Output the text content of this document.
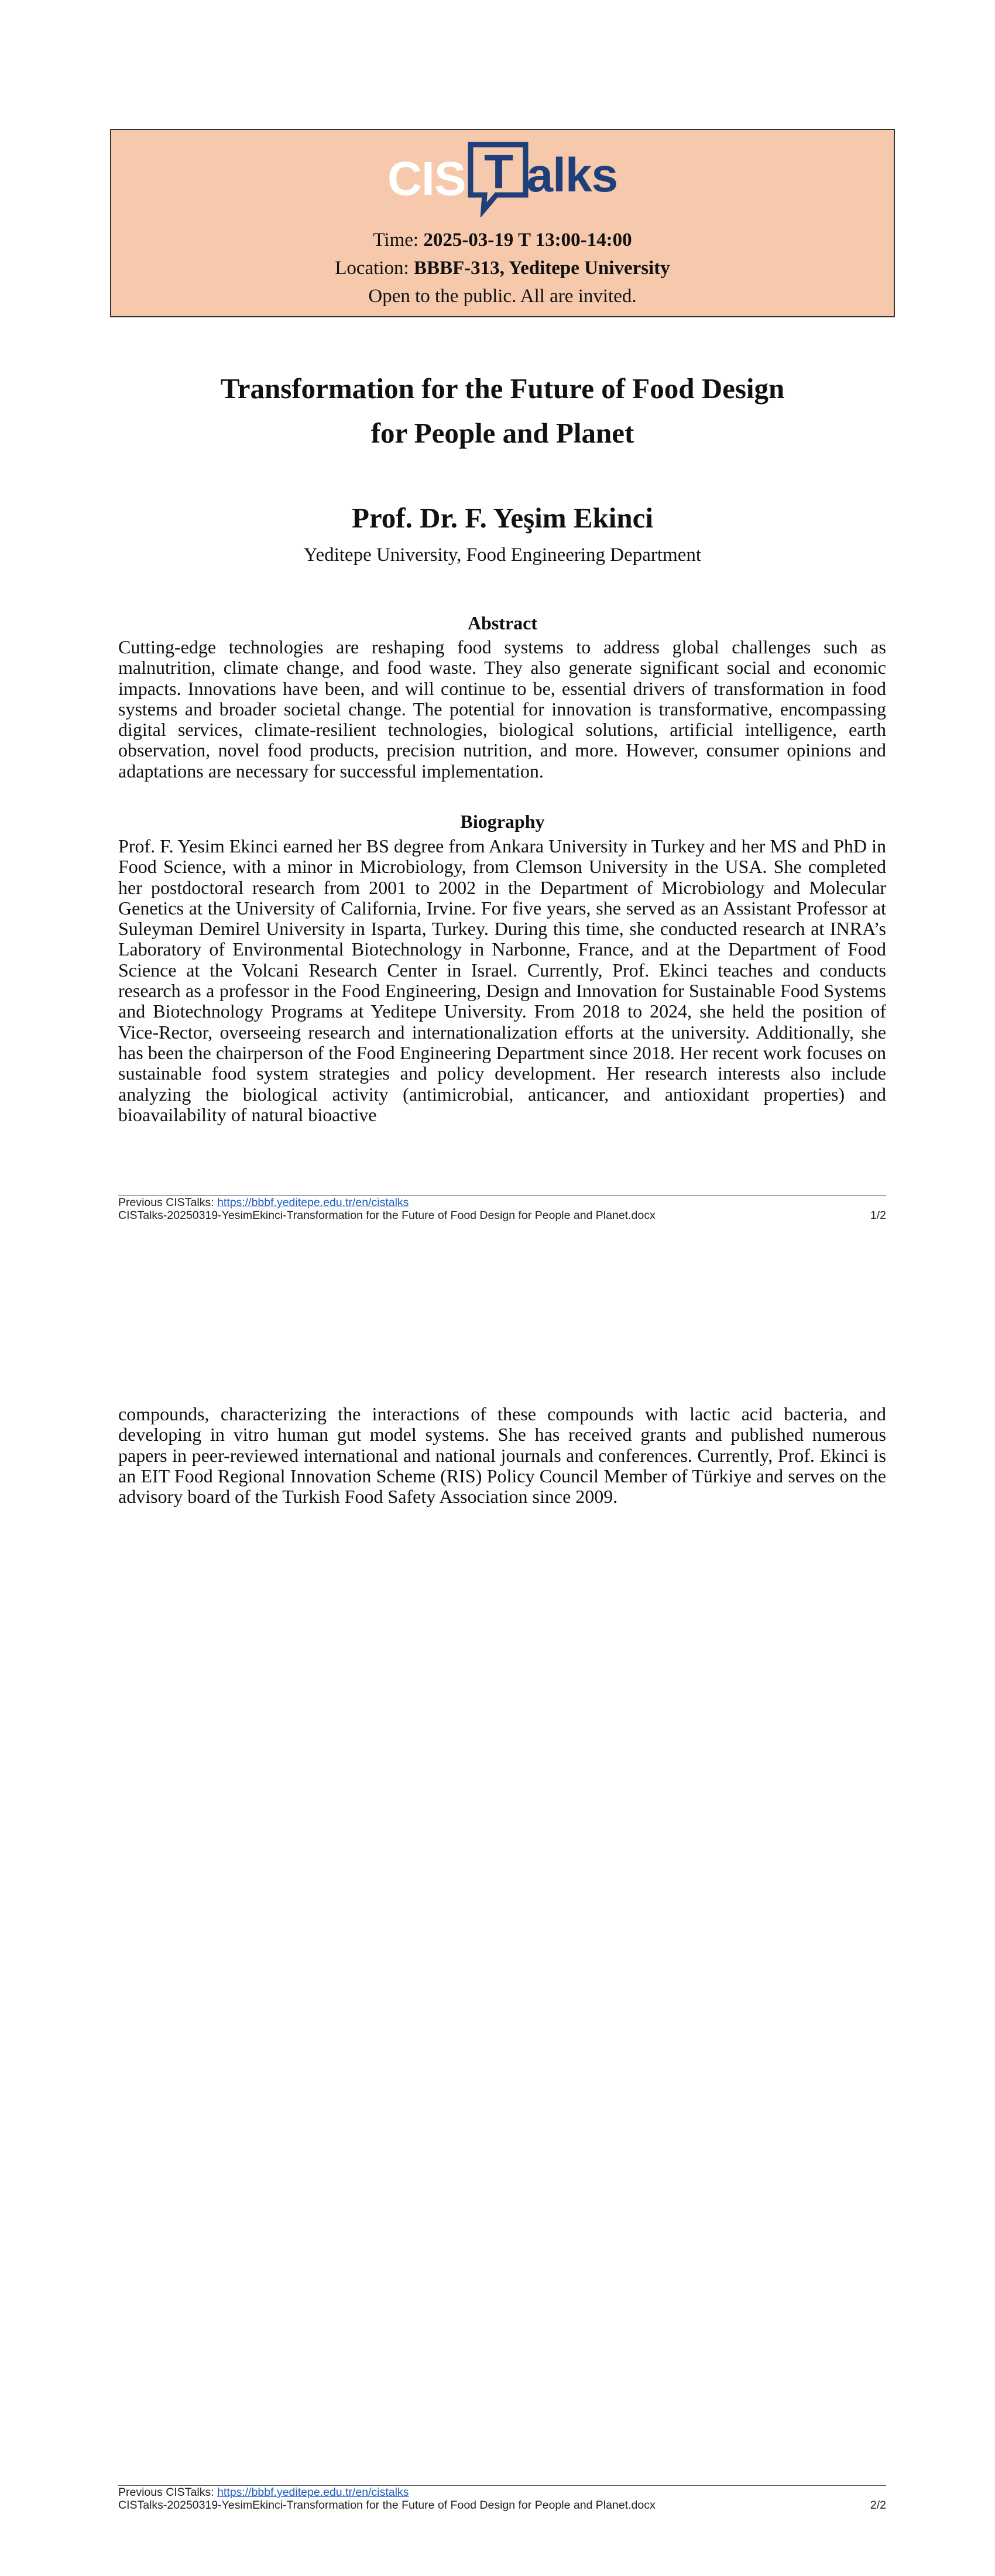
CIS T alks
Time: 2025-03-19 T 13:00-14:00
Location: BBBF-313, Yeditepe University
Open to the public. All are invited.
Transformation for the Future of Food Design
for People and Planet
Prof. Dr. F. Yeşim Ekinci
Yeditepe University, Food Engineering Department
Abstract

Cutting-edge technologies are reshaping food systems to address global challenges such as malnutrition, climate change, and food waste. They also generate significant social and economic impacts. Innovations have been, and will continue to be, essential drivers of transformation in food systems and broader societal change. The potential for innovation is transformative, encompassing digital services, climate-resilient technologies, biological solutions, artificial intelligence, earth observation, novel food products, precision nutrition, and more. However, consumer opinions and adaptations are necessary for successful implementation.

Biography

Prof. F. Yesim Ekinci earned her BS degree from Ankara University in Turkey and her MS and PhD in Food Science, with a minor in Microbiology, from Clemson University in the USA. She completed her postdoctoral research from 2001 to 2002 in the Department of Microbiology and Molecular Genetics at the University of California, Irvine. For five years, she served as an Assistant Professor at Suleyman Demirel University in Isparta, Turkey. During this time, she conducted research at INRA’s Laboratory of Environmental Biotechnology in Narbonne, France, and at the Department of Food Science at the Volcani Research Center in Israel. Currently, Prof. Ekinci teaches and conducts research as a professor in the Food Engineering, Design and Innovation for Sustainable Food Systems and Biotechnology Programs at Yeditepe University. From 2018 to 2024, she held the position of Vice-Rector, overseeing research and internationalization efforts at the university. Additionally, she has been the chairperson of the Food Engineering Department since 2018. Her recent work focuses on sustainable food system strategies and policy development. Her research interests also include analyzing the biological activity (antimicrobial, anticancer, and antioxidant properties) and bioavailability of natural bioactive

Previous CISTalks: https://bbbf.yeditepe.edu.tr/en/cistalks
CISTalks-20250319-YesimEkinci-Transformation for the Future of Food Design for People and Planet.docx	1/2

compounds, characterizing the interactions of these compounds with lactic acid bacteria, and developing in vitro human gut model systems. She has received grants and published numerous papers in peer-reviewed international and national journals and conferences. Currently, Prof. Ekinci is an EIT Food Regional Innovation Scheme (RIS) Policy Council Member of Türkiye and serves on the advisory board of the Turkish Food Safety Association since 2009.

Previous CISTalks: https://bbbf.yeditepe.edu.tr/en/cistalks
CISTalks-20250319-YesimEkinci-Transformation for the Future of Food Design for People and Planet.docx	2/2
